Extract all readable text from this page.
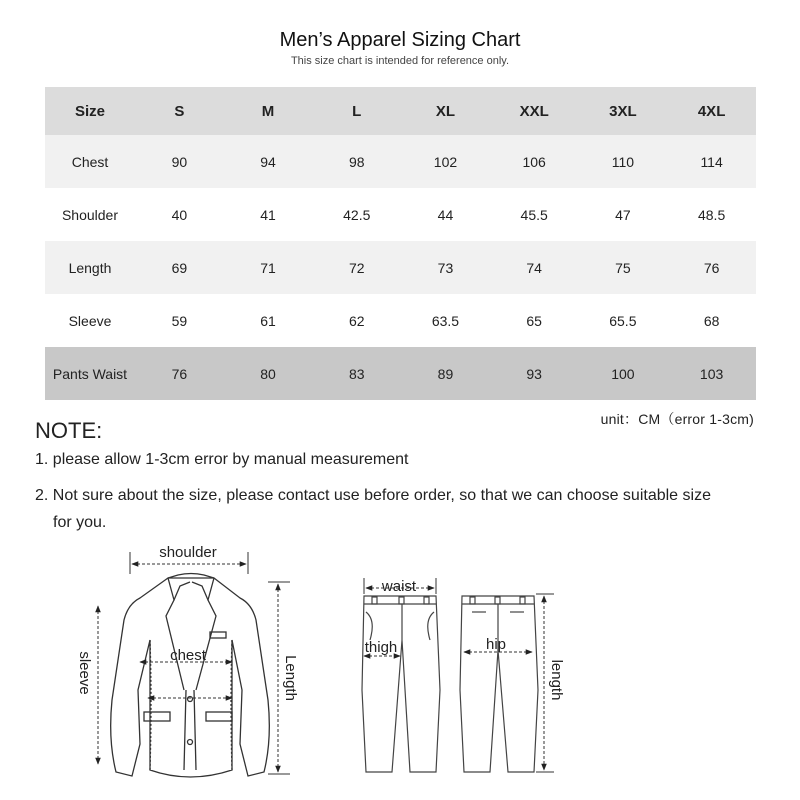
Men’s Apparel Sizing Chart
This size chart is intended for reference only.
Size	S	M	L	XL	XXL	3XL	4XL
Chest	90	94	98	102	106	110	114
Shoulder	40	41	42.5	44	45.5	47	48.5
Length	69	71	72	73	74	75	76
Sleeve	59	61	62	63.5	65	65.5	68
Pants Waist	76	80	83	89	93	100	103
unit：CM（error 1-3cm)
NOTE:
1. please allow 1-3cm error by manual measurement
2. Not sure about the size, please contact use before order, so that we can choose suitable size
for you.
shoulder
chest
sleeve	Length
waist
thigh	hip
length
